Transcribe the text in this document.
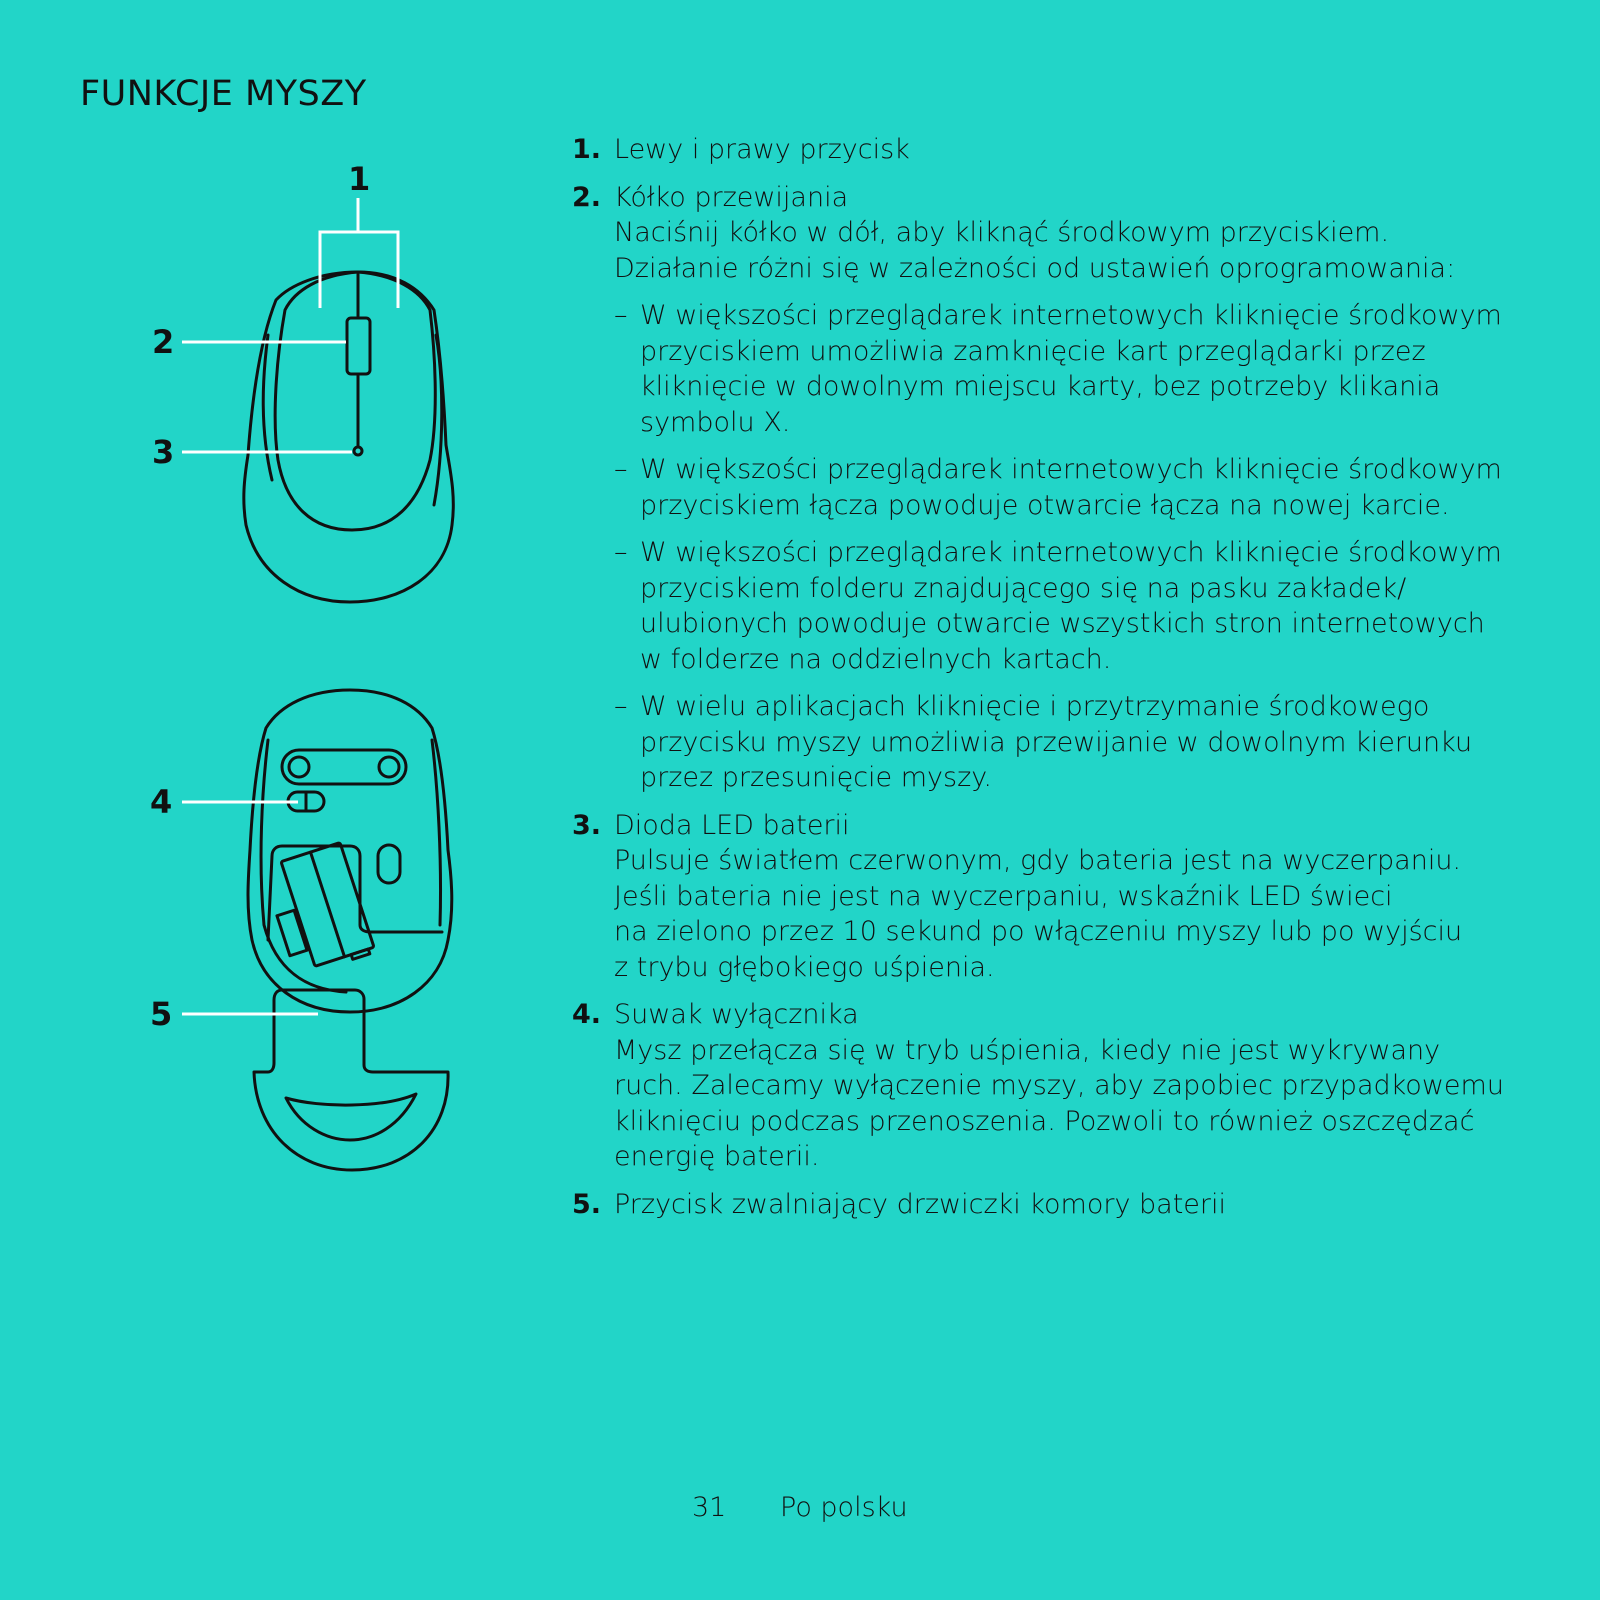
FUNKCJE MYSZY
1
2
3
4
5
1. Lewy i prawy przycisk
2. Kółko przewijania
Naciśnij kółko w dół, aby kliknąć środkowym przyciskiem.
Działanie różni się w zależności od ustawień oprogramowania:
– W większości przeglądarek internetowych kliknięcie środkowym
przyciskiem umożliwia zamknięcie kart przeglądarki przez
kliknięcie w dowolnym miejscu karty, bez potrzeby klikania
symbolu X.
– W większości przeglądarek internetowych kliknięcie środkowym
przyciskiem łącza powoduje otwarcie łącza na nowej karcie.
– W większości przeglądarek internetowych kliknięcie środkowym
przyciskiem folderu znajdującego się na pasku zakładek/
ulubionych powoduje otwarcie wszystkich stron internetowych
w folderze na oddzielnych kartach.
– W wielu aplikacjach kliknięcie i przytrzymanie środkowego
przycisku myszy umożliwia przewijanie w dowolnym kierunku
przez przesunięcie myszy.
3. Dioda LED baterii
Pulsuje światłem czerwonym, gdy bateria jest na wyczerpaniu.
Jeśli bateria nie jest na wyczerpaniu, wskaźnik LED świeci
na zielono przez 10 sekund po włączeniu myszy lub po wyjściu
z trybu głębokiego uśpienia.
4. Suwak wyłącznika
Mysz przełącza się w tryb uśpienia, kiedy nie jest wykrywany
ruch. Zalecamy wyłączenie myszy, aby zapobiec przypadkowemu
kliknięciu podczas przenoszenia. Pozwoli to również oszczędzać
energię baterii.
5. Przycisk zwalniający drzwiczki komory baterii
31 Po polsku
